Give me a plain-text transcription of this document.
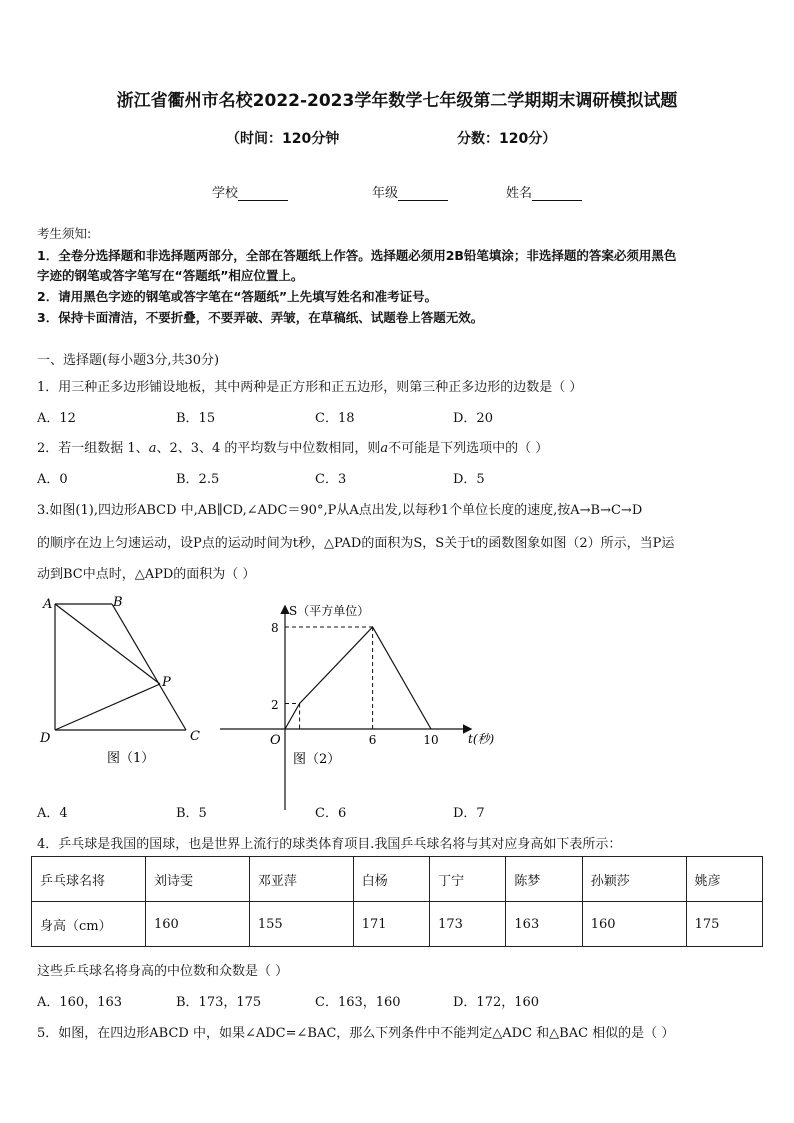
浙江省衢州市名校2022-2023学年数学七年级第二学期期末调研模拟试题
（时间：120分钟	分数：120分）
学校	年级	姓名
考生须知:
1．全卷分选择题和非选择题两部分，全部在答题纸上作答。选择题必须用2B铅笔填涂；非选择题的答案必须用黑色
字迹的钢笔或答字笔写在“答题纸”相应位置上。
2．请用黑色字迹的钢笔或答字笔在“答题纸”上先填写姓名和准考证号。
3．保持卡面清洁，不要折叠，不要弄破、弄皱，在草稿纸、试题卷上答题无效。
一、选择题(每小题3分,共30分)
1．用三种正多边形铺设地板，其中两种是正方形和正五边形，则第三种正多边形的边数是（ ）
A．12	B．15	C．18	D．20
2．若一组数据 1、a、2、3、4 的平均数与中位数相同，则a不可能是下列选项中的（ ）
A．0	B．2.5	C．3	D．5
3.如图(1),四边形ABCD 中,AB∥CD,∠ADC＝90°,P从A点出发,以每秒1个单位长度的速度,按A→B→C→D
的顺序在边上匀速运动，设P点的运动时间为t秒，△PAD的面积为S，S关于t的函数图象如图（2）所示，当P运
动到BC中点时，△APD的面积为（ ）
A	B
C
D
P
图（1）
S（平方单位）
t(秒)
O
8
2
6	10
图（2）
A．4	B．5	C．6	D．7
4．乒乓球是我国的国球，也是世界上流行的球类体育项目.我国乒乓球名将与其对应身高如下表所示：
乒乓球名将	刘诗雯	邓亚萍	白杨	丁宁	陈梦	孙颖莎	姚彦
身高（cm）	160	155	171	173	163	160	175
这些乒乓球名将身高的中位数和众数是（ ）
A．160，163	B．173，175	C．163，160	D．172，160
5．如图，在四边形ABCD 中，如果∠ADC=∠BAC，那么下列条件中不能判定△ADC 和△BAC 相似的是（ ）
